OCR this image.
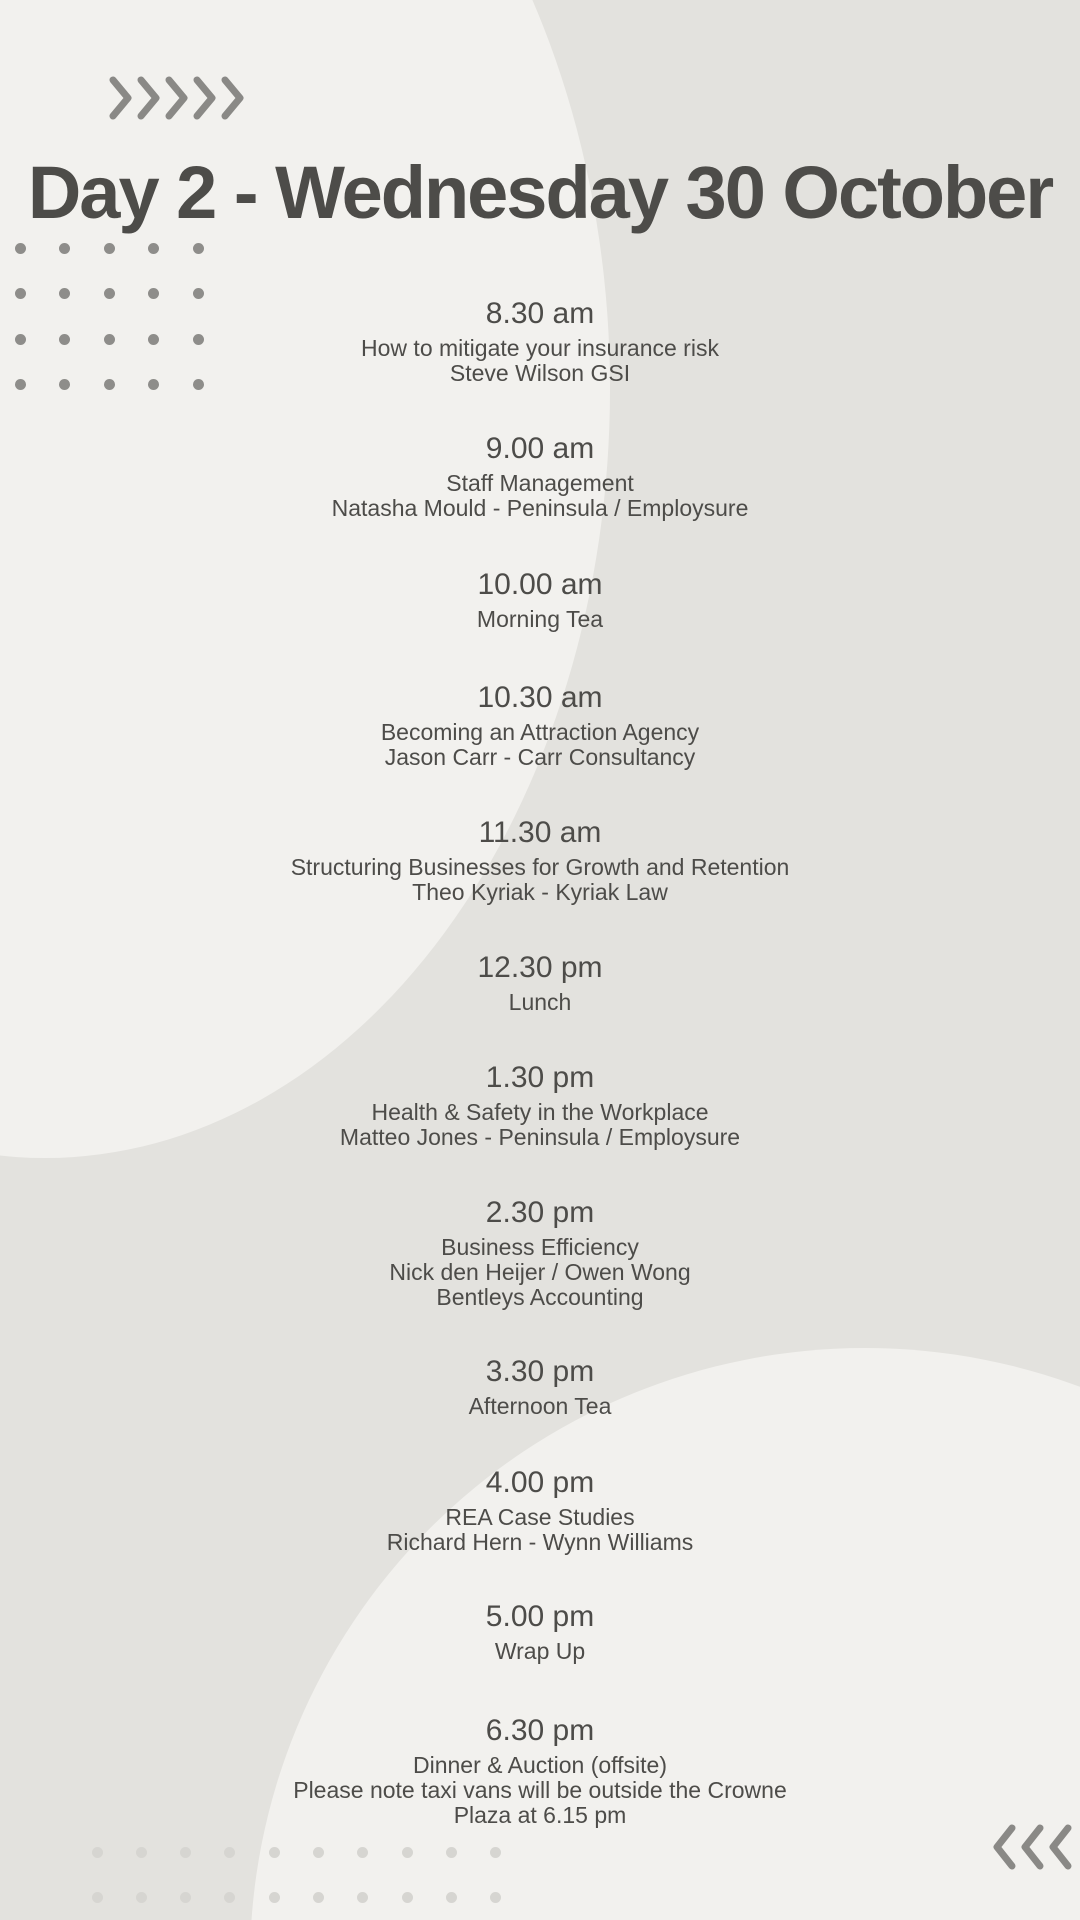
Day 2 - Wednesday 30 October
8.30 am
How to mitigate your insurance risk
Steve Wilson GSI
9.00 am
Staff Management
Natasha Mould - Peninsula / Employsure
10.00 am
Morning Tea
10.30 am
Becoming an Attraction Agency
Jason Carr - Carr Consultancy
11.30 am
Structuring Businesses for Growth and Retention
Theo Kyriak - Kyriak Law
12.30 pm
Lunch
1.30 pm
Health & Safety in the Workplace
Matteo Jones - Peninsula / Employsure
2.30 pm
Business Efficiency
Nick den Heijer / Owen Wong
Bentleys Accounting
3.30 pm
Afternoon Tea
4.00 pm
REA Case Studies
Richard Hern - Wynn Williams
5.00 pm
Wrap Up
6.30 pm
Dinner & Auction (offsite)
Please note taxi vans will be outside the Crowne
Plaza at 6.15 pm
